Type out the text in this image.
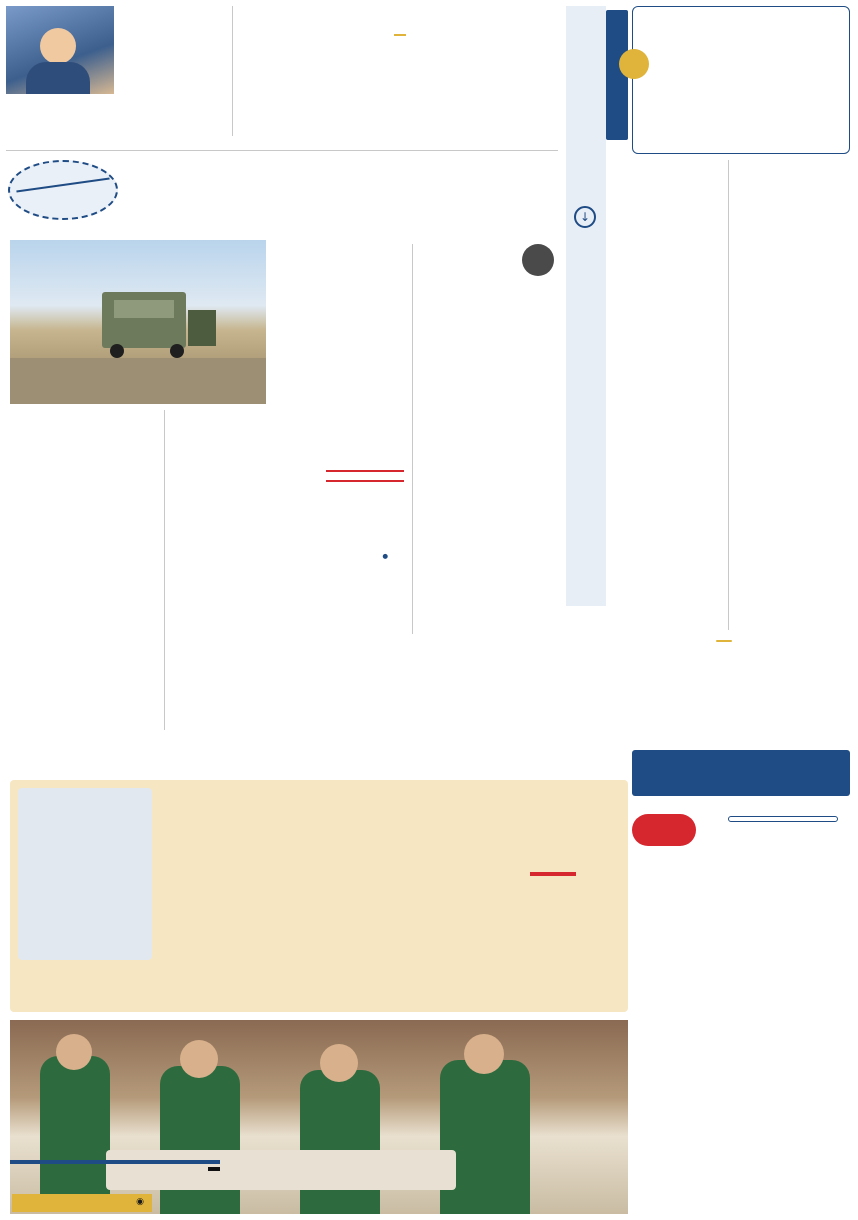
↓
●
◉
